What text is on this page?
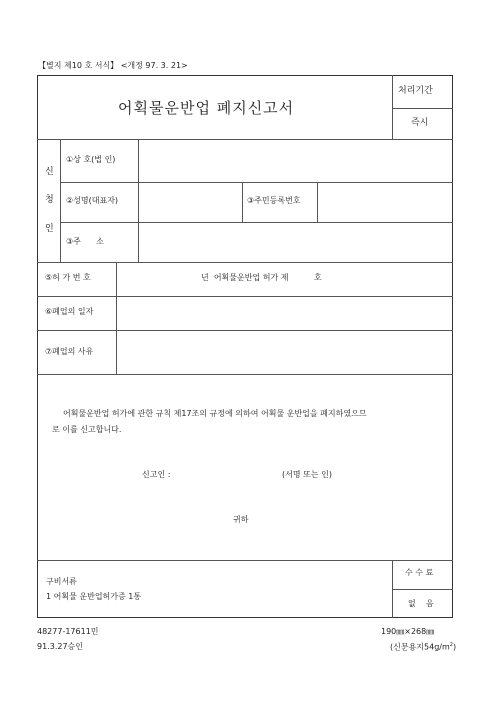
【별지 제10 호 서식】 <개정 97. 3. 21>
어획물운반업 폐지신고서
처리기간
즉시
신
청
인
①상 호(법 인)
②성명(대표자)	③주민등록번호
③주      소
⑤허 가 번 호	년  어획물운반업 허가 제          호
⑥폐업의 일자
⑦폐업의 사유
어획물운반업 허가에 관한 규칙 제17조의 규정에 의하여 어획물 운반업을 폐지하였으므
로 이를 신고합니다.
신고인 :	(서명 또는 인)
귀하
구비서류
1 어획물 운반업허가증 1통
수 수 료
없    음
48277-17611민
91.3.27승인
190㎜×268㎜
(신문용지$54g/m^2$)
